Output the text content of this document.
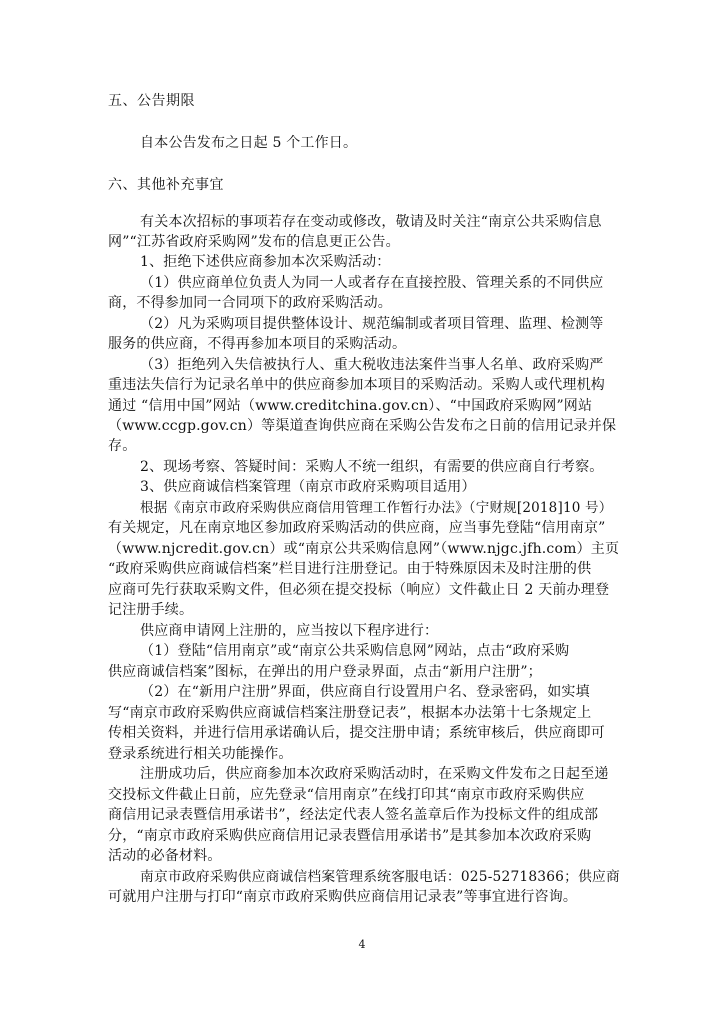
五、公告期限
自本公告发布之日起 5 个工作日。
六、其他补充事宜
有关本次招标的事项若存在变动或修改，敬请及时关注“南京公共采购信息
网”“江苏省政府采购网”发布的信息更正公告。
1、拒绝下述供应商参加本次采购活动：
（1）供应商单位负责人为同一人或者存在直接控股、管理关系的不同供应
商，不得参加同一合同项下的政府采购活动。
（2）凡为采购项目提供整体设计、规范编制或者项目管理、监理、检测等
服务的供应商，不得再参加本项目的采购活动。
（3）拒绝列入失信被执行人、重大税收违法案件当事人名单、政府采购严
重违法失信行为记录名单中的供应商参加本项目的采购活动。采购人或代理机构
通过 “信用中国”网站（www.creditchina.gov.cn）、“中国政府采购网”网站
（www.ccgp.gov.cn）等渠道查询供应商在采购公告发布之日前的信用记录并保
存。
2、现场考察、答疑时间：采购人不统一组织，有需要的供应商自行考察。
3、供应商诚信档案管理（南京市政府采购项目适用）
根据《南京市政府采购供应商信用管理工作暂行办法》（宁财规[2018]10 号）
有关规定，凡在南京地区参加政府采购活动的供应商，应当事先登陆“信用南京”
（www.njcredit.gov.cn）或“南京公共采购信息网”（www.njgc.jfh.com）主页
“政府采购供应商诚信档案”栏目进行注册登记。由于特殊原因未及时注册的供
应商可先行获取采购文件，但必须在提交投标（响应）文件截止日 2 天前办理登
记注册手续。
供应商申请网上注册的，应当按以下程序进行：
（1）登陆“信用南京”或“南京公共采购信息网”网站，点击“政府采购
供应商诚信档案”图标，在弹出的用户登录界面，点击“新用户注册”；
（2）在“新用户注册”界面，供应商自行设置用户名、登录密码，如实填
写“南京市政府采购供应商诚信档案注册登记表”，根据本办法第十七条规定上
传相关资料，并进行信用承诺确认后，提交注册申请；系统审核后，供应商即可
登录系统进行相关功能操作。
注册成功后，供应商参加本次政府采购活动时，在采购文件发布之日起至递
交投标文件截止日前，应先登录“信用南京”在线打印其“南京市政府采购供应
商信用记录表暨信用承诺书”，经法定代表人签名盖章后作为投标文件的组成部
分，“南京市政府采购供应商信用记录表暨信用承诺书”是其参加本次政府采购
活动的必备材料。
南京市政府采购供应商诚信档案管理系统客服电话：025-52718366；供应商
可就用户注册与打印“南京市政府采购供应商信用记录表”等事宜进行咨询。
4
